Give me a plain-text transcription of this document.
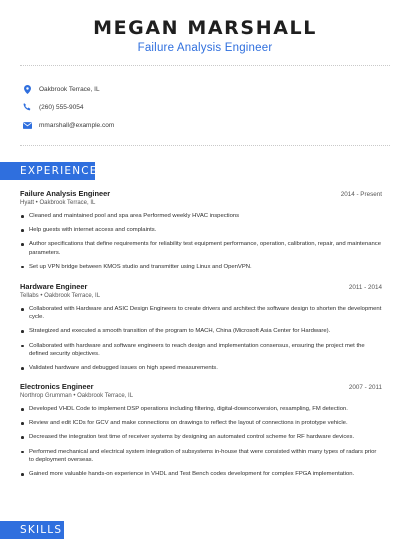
MEGAN MARSHALL
Failure Analysis Engineer
Oakbrook Terrace, IL
(260) 555-9054
mmarshall@example.com
EXPERIENCE
Failure Analysis Engineer	2014 - Present
Hyatt • Oakbrook Terrace, IL
Cleaned and maintained pool and spa area Performed weekly HVAC inspections
Help guests with internet access and complaints.
Author specifications that define requirements for reliability test equipment performance, operation, calibration, repair, and maintenance parameters.
Set up VPN bridge between KMOS studio and transmitter using Linux and OpenVPN.
Hardware Engineer	2011 - 2014
Tellabs • Oakbrook Terrace, IL
Collaborated with Hardware and ASIC Design Engineers to create drivers and architect the software design to shorten the development cycle.
Strategized and executed a smooth transition of the program to MACH, China (Microsoft Asia Center for Hardware).
Collaborated with hardware and software engineers to reach design and implementation consensus, ensuring the project met the defined security objectives.
Validated hardware and debugged issues on high speed measurements.
Electronics Engineer	2007 - 2011
Northrop Grumman • Oakbrook Terrace, IL
Developed VHDL Code to implement DSP operations including filtering, digital-downconversion, resampling, FM detection.
Review and edit ICDs for GCV and make connections on drawings to reflect the layout of connections in prototype vehicle.
Decreased the integration test time of receiver systems by designing an automated control scheme for RF hardware devices.
Performed mechanical and electrical system integration of subsystems in-house that were consisted within many types of radars prior to deployment overseas.
Gained more valuable hands-on experience in VHDL and Test Bench codes development for complex FPGA implementation.
SKILLS
